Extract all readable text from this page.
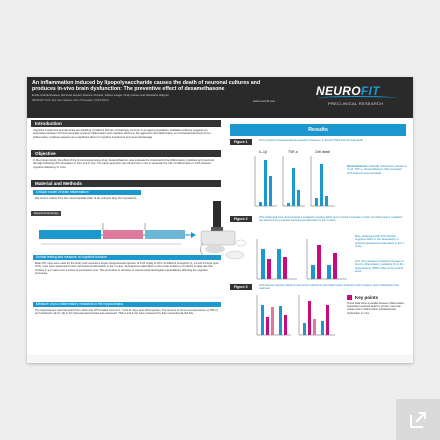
An inflammation induced by lipopolysaccharide causes the death of neuronal cultures and produces in-vivo brain dysfunction: The preventive effect of dexamethasone
Emilie Andrianirinasoa, Bertrand Huyard, Etienne Poiraud, Fabien Lauga, Cindy Haneu and Stéphanie Wagner
NEUROFIT SAS, Rue Jean Sapidus, Parc d'Innovation, 67400 Illkirch	www.neurofit.com
NEUROFIT
PRECLINICAL RESEARCH
Introduction
Cognitive impairment and dementia are disabling conditions that are increasingly common in an ageing population. Available evidence suggests an association between chronic low-grade systemic inflammation and cognitive decline in the aged and vulnerable brains. An increased brain level of pro-inflammatory cytokines appears as a significant driver of cognitive impairment and neuronal damage.
Objective
In the present study, the effect of the immunosuppressive drug, dexamethasone, was evaluated to characterize the inflammatory cytokines and neuronal damage following LPS stimulation in vitro and in vivo. The same approach was carried out in vivo to ascertain the role of inflammation in LPS-induced cognitive deficiency in mice.
Material and Methods
Cellular model of brain inflammation
Rat neuron culture from the mesencephalic brain of rat embryos (day 15 of gestation).
Experimental design
Animal testing and measure of cognitive function
Male C57 mice were used for the study and received a single intraperitoneal injection of 0.25 mg/kg of LPS. At different timepoints (1, 14 and 21 days post-LPS), mice were assessed for their spontaneous alternation in the Y-maze. Spontaneous alternation is the innate tendency of rodents to alternate free choices in a Y-maze over a series of successive runs. This procedure is sensitive to various pharmacological manipulations affecting the cognitive processes.
Measure of pro-inflammatory mediators in the hippocampus
The hippocampus was harvested from naive and LPS-treated mice at 4, 7 and 21 days post-LPS injection. The amount of tumor necrosis factor-α (TNF-α) and interleukin-1β (IL-1β) in the hippocampal samples was assessed. TNF-α and IL-1β were measured by their respective ELISA kits.
Results
Figure 1	LPS produced a dexamethasone-sensitive increase in IL-1β and TNFα and neuronal death.
IL-1β	TNF-α	Cell death
Dexamethasone markedly reduced the release of IL-1β, TNF-α, Dexamethasone fully prevented LPS-induced neuronal death
Figure 2	LPS challenged mice demonstrated a sustained cognitive deficit and a transient increase in brain pro-inflammatory mediators (as assessed by a reduced spontaneous alternation in the Y-maze).
Mice challenged with LPS showed cognitive deficit in the assessed by a reduced spontaneous alternation in the Y-maze.
LPS mice showed a transient increase in the pro-inflammatory mediators (1) in the hippocampus (150% reflex to the control level)
Figure 3	LPS-induced cognitive deficit is reversed by subchronic anti-inflammatory treatment and it relapses upon withdrawal of the treatment.
Key points
These data show a parallel between inflammation-associated neuronal death in primary neuronal culture and in inflammation-mediated brain dysfunction in mice.
